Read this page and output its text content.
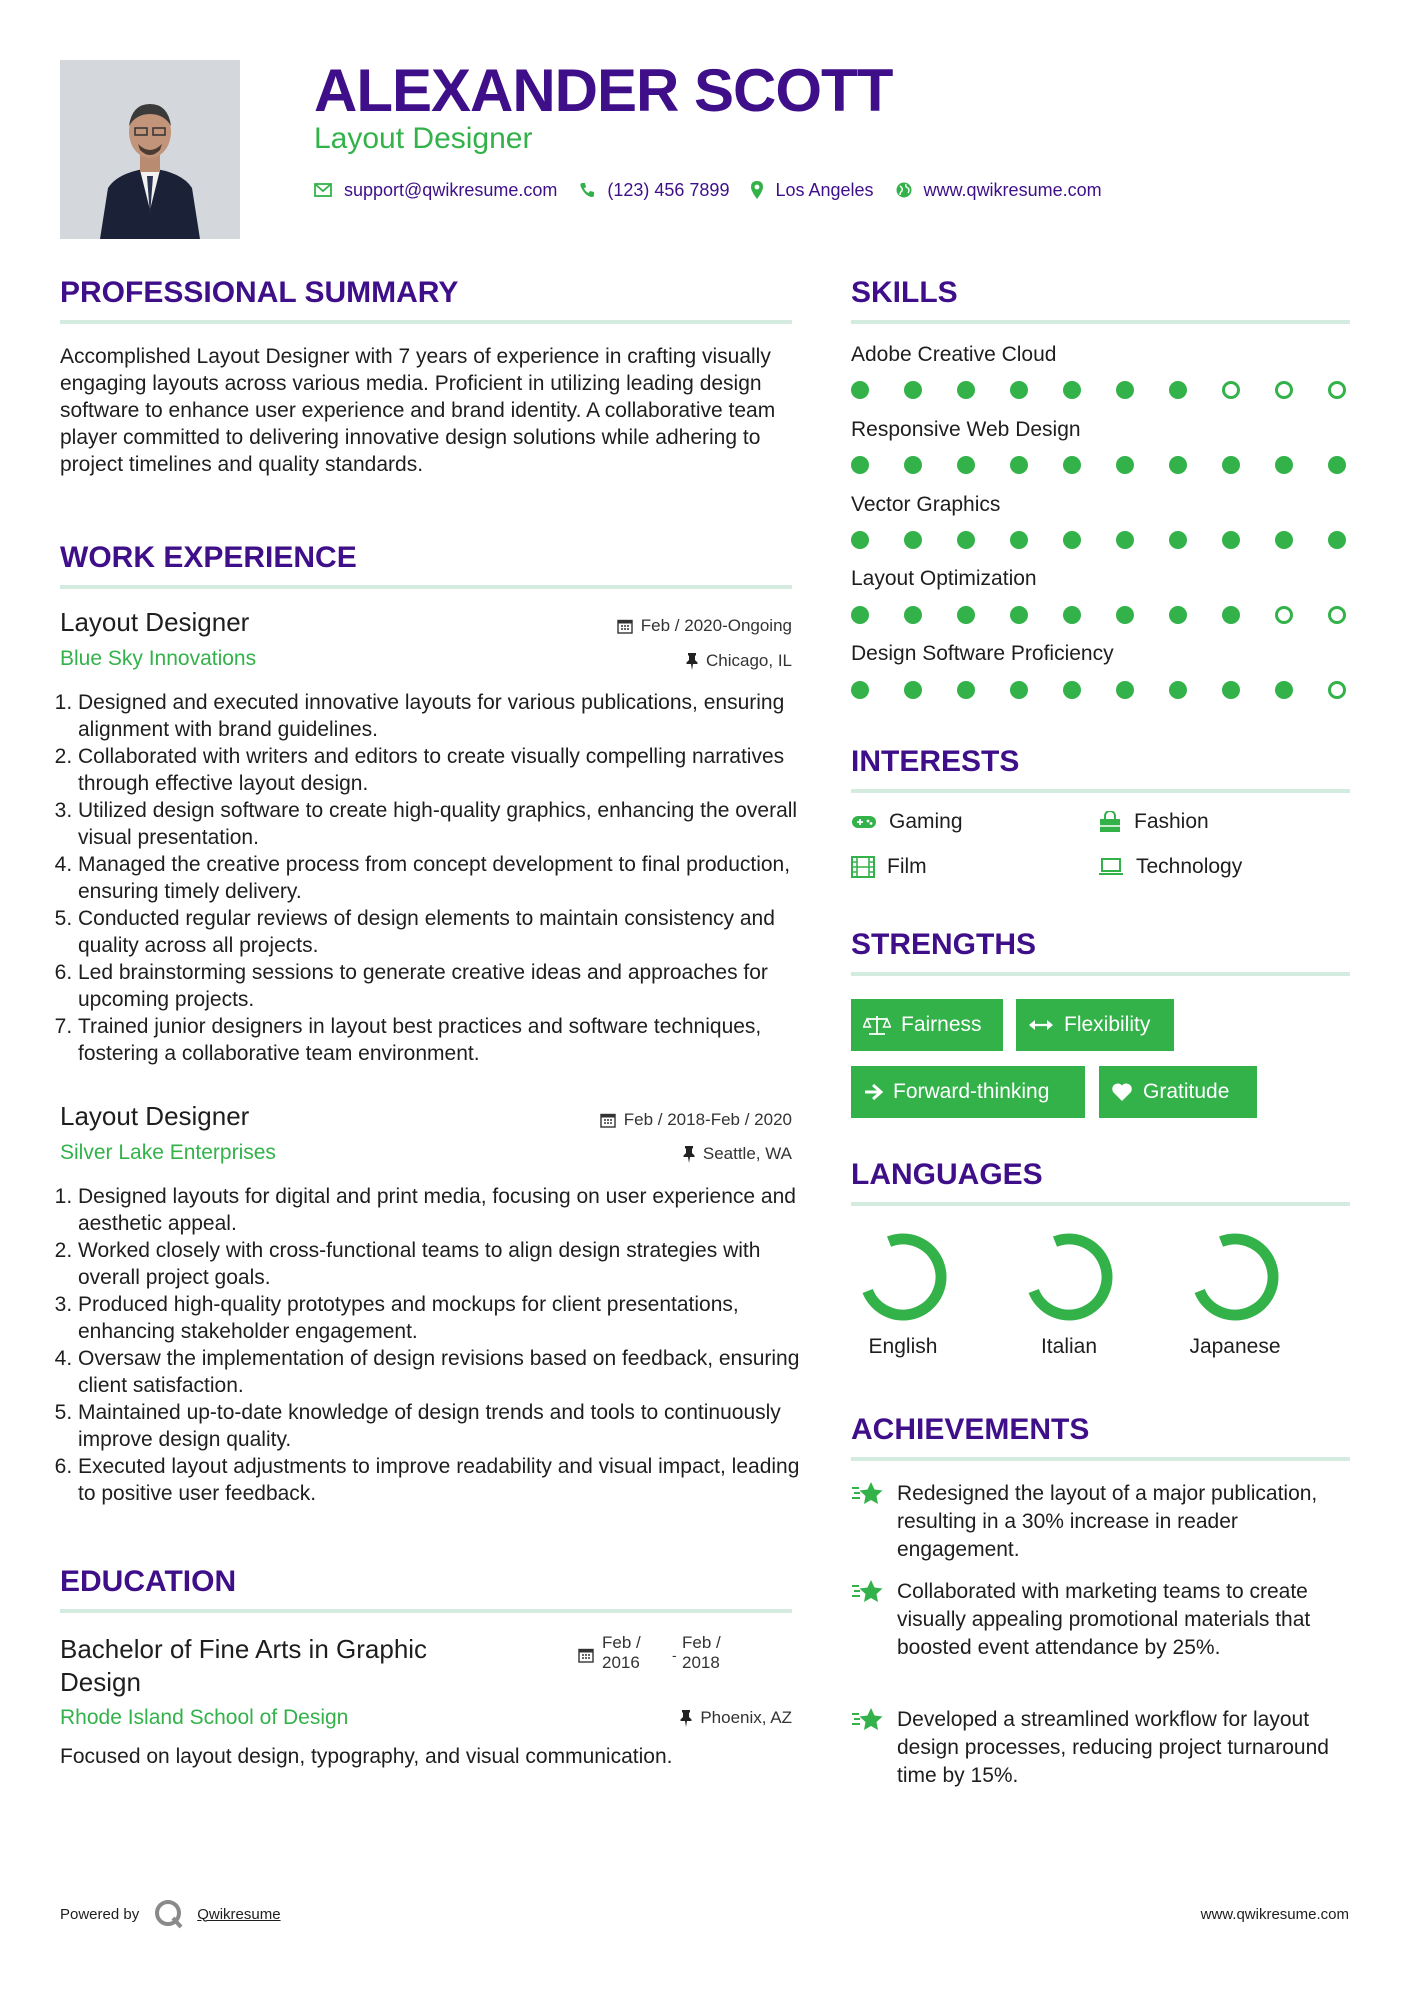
ALEXANDER SCOTT
Layout Designer
support@qwikresume.com	(123) 456 7899	Los Angeles	www.qwikresume.com
PROFESSIONAL SUMMARY
Accomplished Layout Designer with 7 years of experience in crafting visually engaging layouts across various media. Proficient in utilizing leading design software to enhance user experience and brand identity. A collaborative team player committed to delivering innovative design solutions while adhering to project timelines and quality standards.
WORK EXPERIENCE
Layout Designer	Feb / 2020-Ongoing
Blue Sky Innovations	Chicago, IL
1. Designed and executed innovative layouts for various publications, ensuring alignment with brand guidelines.
2. Collaborated with writers and editors to create visually compelling narratives through effective layout design.
3. Utilized design software to create high-quality graphics, enhancing the overall visual presentation.
4. Managed the creative process from concept development to final production, ensuring timely delivery.
5. Conducted regular reviews of design elements to maintain consistency and quality across all projects.
6. Led brainstorming sessions to generate creative ideas and approaches for upcoming projects.
7. Trained junior designers in layout best practices and software techniques, fostering a collaborative team environment.
Layout Designer	Feb / 2018-Feb / 2020
Silver Lake Enterprises	Seattle, WA
1. Designed layouts for digital and print media, focusing on user experience and aesthetic appeal.
2. Worked closely with cross-functional teams to align design strategies with overall project goals.
3. Produced high-quality prototypes and mockups for client presentations, enhancing stakeholder engagement.
4. Oversaw the implementation of design revisions based on feedback, ensuring client satisfaction.
5. Maintained up-to-date knowledge of design trends and tools to continuously improve design quality.
6. Executed layout adjustments to improve readability and visual impact, leading to positive user feedback.
EDUCATION
Bachelor of Fine Arts in Graphic
Design
Feb /
2016	-
Feb /
2018
Rhode Island School of Design	Phoenix, AZ
Focused on layout design, typography, and visual communication.
SKILLS
Adobe Creative Cloud
Responsive Web Design
Vector Graphics
Layout Optimization
Design Software Proficiency
INTERESTS
Gaming	Fashion
Film	Technology
STRENGTHS
Fairness	Flexibility
Forward-thinking	Gratitude
LANGUAGES
English	Italian	Japanese
ACHIEVEMENTS
Redesigned the layout of a major publication, resulting in a 30% increase in reader engagement.
Collaborated with marketing teams to create visually appealing promotional materials that boosted event attendance by 25%.
Developed a streamlined workflow for layout design processes, reducing project turnaround time by 15%.
Powered by	Qwikresume	www.qwikresume.com
